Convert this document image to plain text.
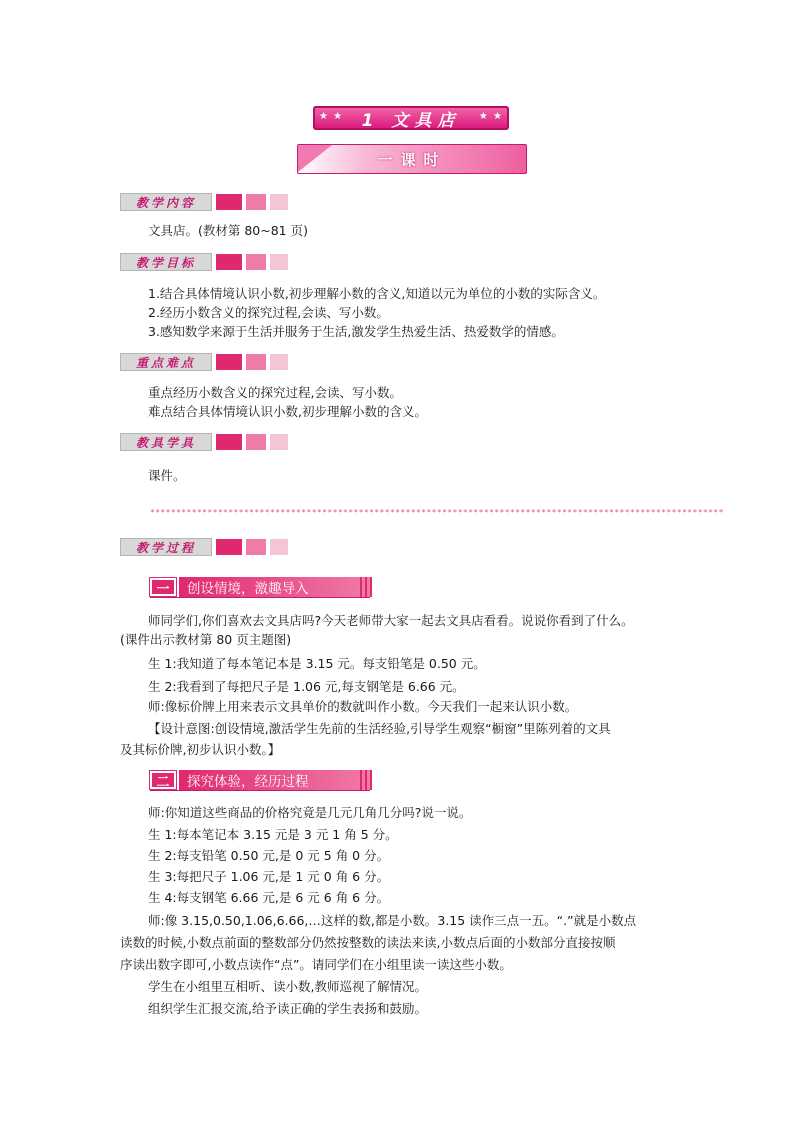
★ ★ 1 文具店 ★ ★
一课时
教学内容
文具店。(教材第 80~81 页)
教学目标
1.结合具体情境认识小数,初步理解小数的含义,知道以元为单位的小数的实际含义。
2.经历小数含义的探究过程,会读、写小数。
3.感知数学来源于生活并服务于生活,激发学生热爱生活、热爱数学的情感。
重点难点
重点经历小数含义的探究过程,会读、写小数。
难点结合具体情境认识小数,初步理解小数的含义。
教具学具
课件。
**************************************************************************************************************
教学过程
一	创设情境，激趣导入
师同学们,你们喜欢去文具店吗?今天老师带大家一起去文具店看看。说说你看到了什么。
(课件出示教材第 80 页主题图)
生 1:我知道了每本笔记本是 3.15 元。每支铅笔是 0.50 元。
生 2:我看到了每把尺子是 1.06 元,每支钢笔是 6.66 元。
师:像标价牌上用来表示文具单价的数就叫作小数。今天我们一起来认识小数。
【设计意图:创设情境,激活学生先前的生活经验,引导学生观察“橱窗”里陈列着的文具
及其标价牌,初步认识小数。】
二	探究体验，经历过程
师:你知道这些商品的价格究竟是几元几角几分吗?说一说。
生 1:每本笔记本 3.15 元是 3 元 1 角 5 分。
生 2:每支铅笔 0.50 元,是 0 元 5 角 0 分。
生 3:每把尺子 1.06 元,是 1 元 0 角 6 分。
生 4:每支钢笔 6.66 元,是 6 元 6 角 6 分。
师:像 3.15,0.50,1.06,6.66,…这样的数,都是小数。3.15 读作三点一五。“.”就是小数点
读数的时候,小数点前面的整数部分仍然按整数的读法来读,小数点后面的小数部分直接按顺
序读出数字即可,小数点读作“点”。请同学们在小组里读一读这些小数。
学生在小组里互相听、读小数,教师巡视了解情况。
组织学生汇报交流,给予读正确的学生表扬和鼓励。
